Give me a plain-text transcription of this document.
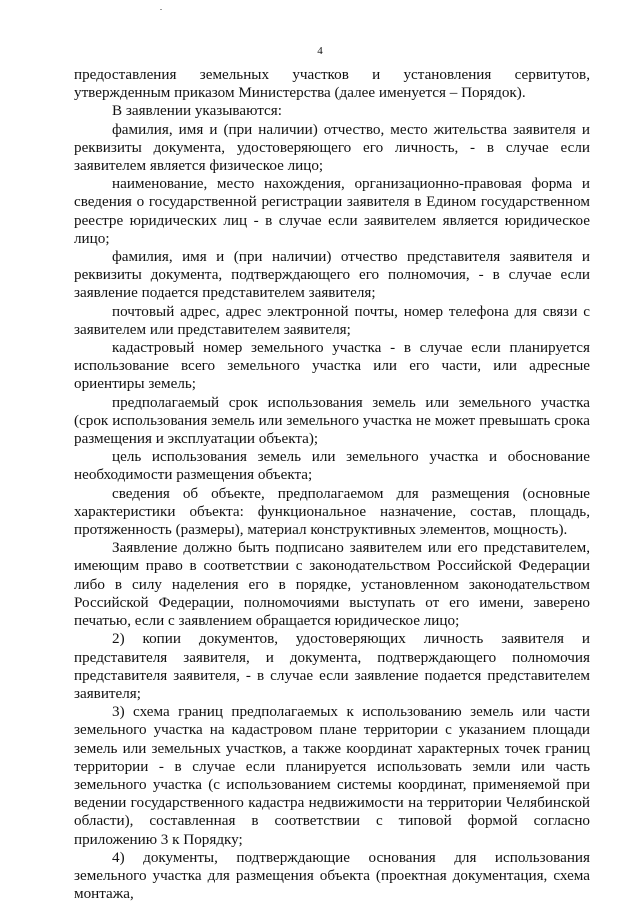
4

предоставления земельных участков и установления сервитутов, утвержденным приказом Министерства (далее именуется – Порядок).

В заявлении указываются:

фамилия, имя и (при наличии) отчество, место жительства заявителя и реквизиты документа, удостоверяющего его личность, - в случае если заявителем является физическое лицо;

наименование, место нахождения, организационно-правовая форма и сведения о государственной регистрации заявителя в Едином государственном реестре юридических лиц - в случае если заявителем является юридическое лицо;

фамилия, имя и (при наличии) отчество представителя заявителя и реквизиты документа, подтверждающего его полномочия, - в случае если заявление подается представителем заявителя;

почтовый адрес, адрес электронной почты, номер телефона для связи с заявителем или представителем заявителя;

кадастровый номер земельного участка - в случае если планируется использование всего земельного участка или его части, или адресные ориентиры земель;

предполагаемый срок использования земель или земельного участка (срок использования земель или земельного участка не может превышать срока размещения и эксплуатации объекта);

цель использования земель или земельного участка и обоснование необходимости размещения объекта;

сведения об объекте, предполагаемом для размещения (основные характеристики объекта: функциональное назначение, состав, площадь, протяженность (размеры), материал конструктивных элементов, мощность).

Заявление должно быть подписано заявителем или его представителем, имеющим право в соответствии с законодательством Российской Федерации либо в силу наделения его в порядке, установленном законодательством Российской Федерации, полномочиями выступать от его имени, заверено печатью, если с заявлением обращается юридическое лицо;

2) копии документов, удостоверяющих личность заявителя и представителя заявителя, и документа, подтверждающего полномочия представителя заявителя, - в случае если заявление подается представителем заявителя;

3) схема границ предполагаемых к использованию земель или части земельного участка на кадастровом плане территории с указанием площади земель или земельных участков, а также координат характерных точек границ территории - в случае если планируется использовать земли или часть земельного участка (с использованием системы координат, применяемой при ведении государственного кадастра недвижимости на территории Челябинской области), составленная в соответствии с типовой формой согласно приложению 3 к Порядку;

4) документы, подтверждающие основания для использования земельного участка для размещения объекта (проектная документация, схема монтажа,
